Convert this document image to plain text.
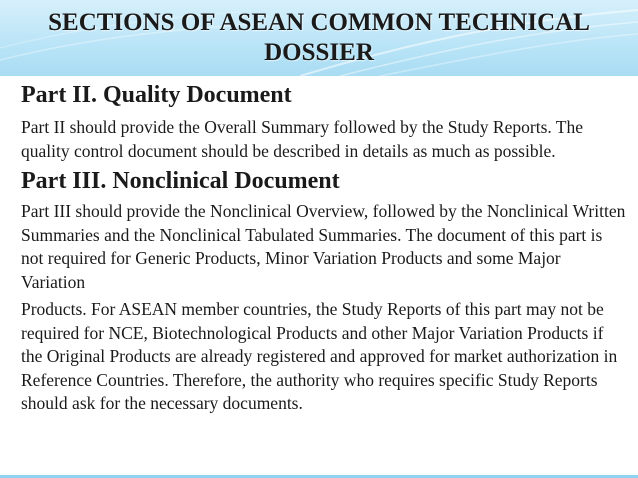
SECTIONS OF ASEAN COMMON TECHNICAL
DOSSIER
Part II. Quality Document

Part II should provide the Overall Summary followed by the Study Reports. The quality control document should be described in details as much as possible.

Part III. Nonclinical Document

Part III should provide the Nonclinical Overview, followed by the Nonclinical Written Summaries and the Nonclinical Tabulated Summaries. The document of this part is not required for Generic Products, Minor Variation Products and some Major Variation

Products. For ASEAN member countries, the Study Reports of this part may not be required for NCE, Biotechnological Products and other Major Variation Products if the Original Products are already registered and approved for market authorization in Reference Countries. Therefore, the authority who requires specific Study Reports should ask for the necessary documents.
